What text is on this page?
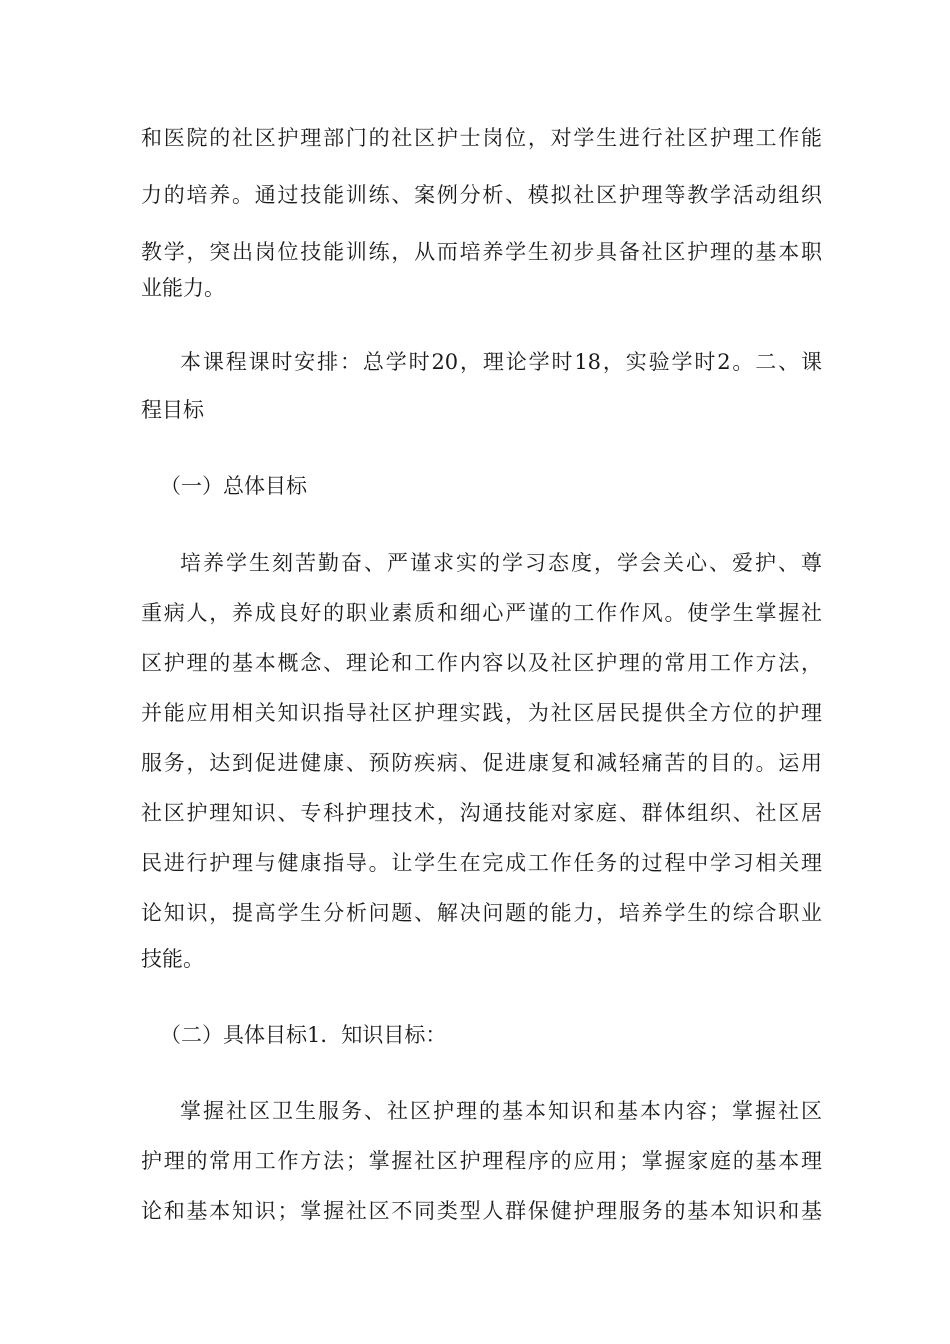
和医院的社区护理部门的社区护士岗位，对学生进行社区护理工作能
力的培养。通过技能训练、案例分析、模拟社区护理等教学活动组织
教学，突出岗位技能训练，从而培养学生初步具备社区护理的基本职
业能力。
本课程课时安排：总学时20，理论学时18，实验学时2。二、课
程目标
（一）总体目标
培养学生刻苦勤奋、严谨求实的学习态度，学会关心、爱护、尊
重病人，养成良好的职业素质和细心严谨的工作作风。使学生掌握社
区护理的基本概念、理论和工作内容以及社区护理的常用工作方法，
并能应用相关知识指导社区护理实践，为社区居民提供全方位的护理
服务，达到促进健康、预防疾病、促进康复和减轻痛苦的目的。运用
社区护理知识、专科护理技术，沟通技能对家庭、群体组织、社区居
民进行护理与健康指导。让学生在完成工作任务的过程中学习相关理
论知识，提高学生分析问题、解决问题的能力，培养学生的综合职业
技能。
（二）具体目标1．知识目标：
掌握社区卫生服务、社区护理的基本知识和基本内容；掌握社区
护理的常用工作方法；掌握社区护理程序的应用；掌握家庭的基本理
论和基本知识；掌握社区不同类型人群保健护理服务的基本知识和基
